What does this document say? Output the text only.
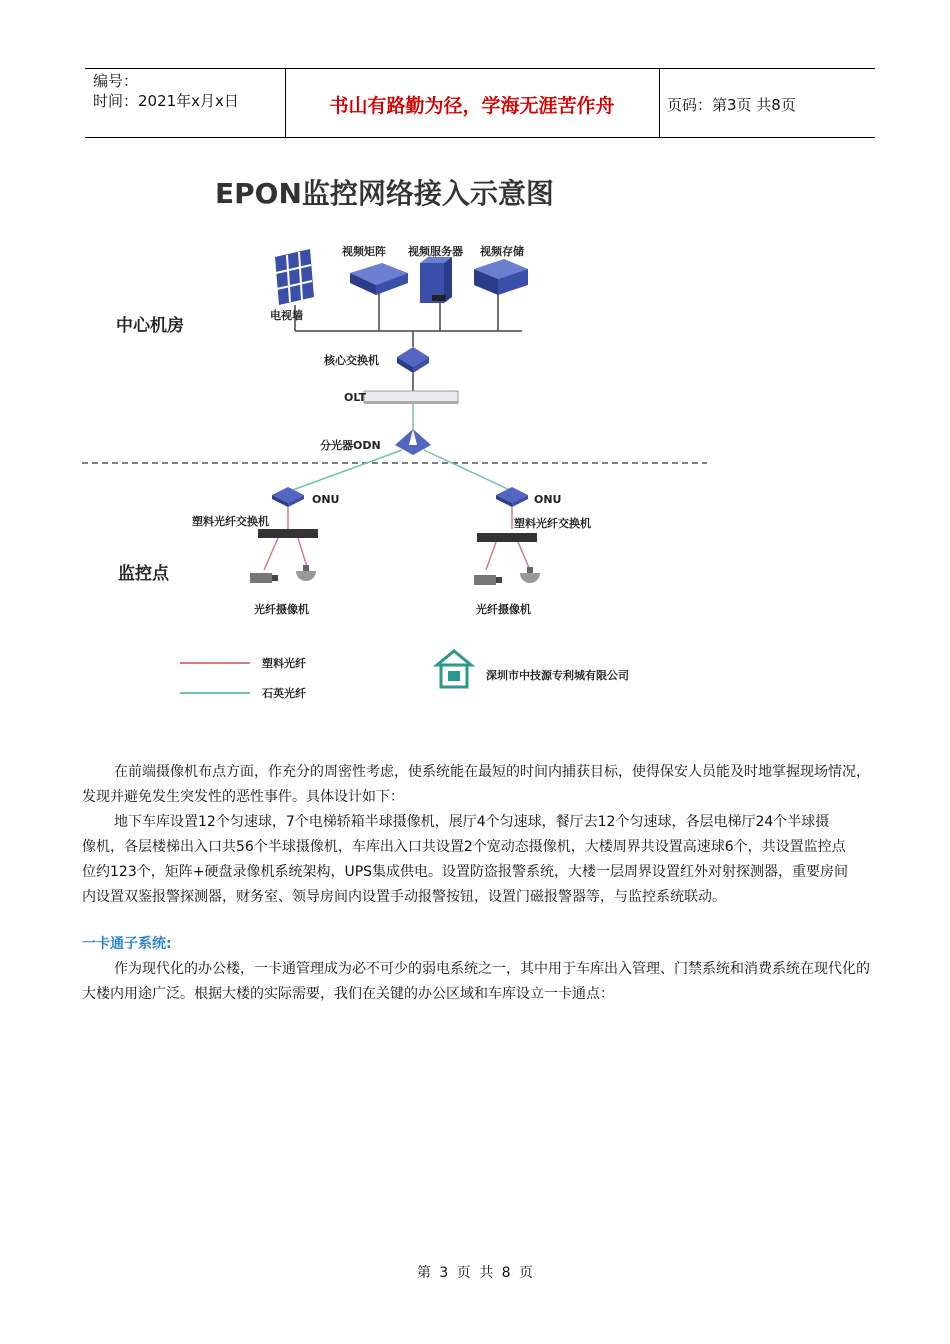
编号：
时间：2021年x月x日	书山有路勤为径，学海无涯苦作舟	页码：第3页 共8页
EPON监控网络接入示意图
中心机房
监控点
电视墙
视频矩阵 视频服务器 视频存储
核心交换机
OLT
分光器ODN
ONU	ONU
塑料光纤交换机	塑料光纤交换机
光纤摄像机	光纤摄像机
塑料光纤
石英光纤
深圳市中技源专利城有限公司

在前端摄像机布点方面，作充分的周密性考虑，使系统能在最短的时间内捕获目标，使得保安人员能及时地掌握现场情况，发现并避免发生突发性的恶性事件。具体设计如下：

地下车库设置12个匀速球，7个电梯轿箱半球摄像机，展厅4个匀速球，餐厅去12个匀速球，各层电梯厅24个半球摄

像机，各层楼梯出入口共56个半球摄像机，车库出入口共设置2个宽动态摄像机，大楼周界共设置高速球6个，共设置监控点

位约123个，矩阵+硬盘录像机系统架构，UPS集成供电。设置防盗报警系统，大楼一层周界设置红外对射探测器，重要房间

内设置双鉴报警探测器，财务室、领导房间内设置手动报警按钮，设置门磁报警器等，与监控系统联动。

一卡通子系统:

作为现代化的办公楼，一卡通管理成为必不可少的弱电系统之一，其中用于车库出入管理、门禁系统和消费系统在现代化的大楼内用途广泛。根据大楼的实际需要，我们在关键的办公区域和车库设立一卡通点：

第 3 页 共 8 页
